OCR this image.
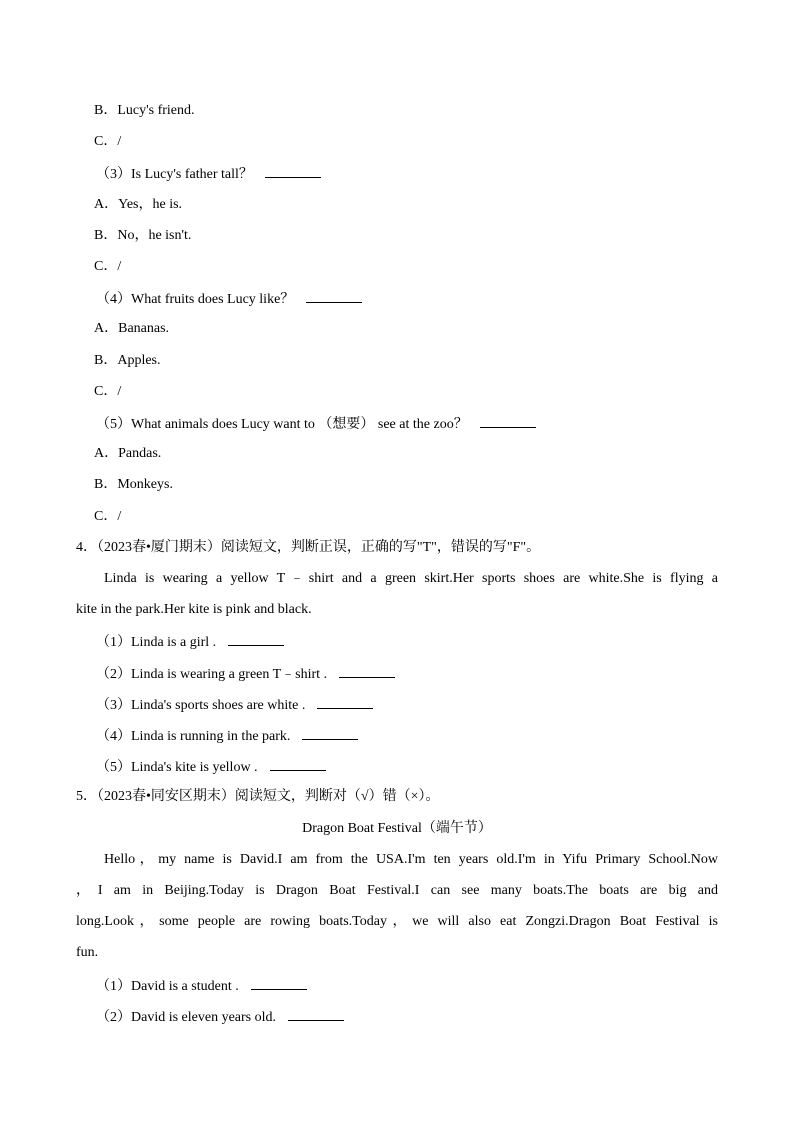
B．Lucy's friend.
C．/
（3）Is Lucy's father tall？
A．Yes，he is.
B．No，he isn't.
C．/
（4）What fruits does Lucy like？
A．Bananas.
B．Apples.
C．/
（5）What animals does Lucy want to （想要） see at the zoo？
A．Pandas.
B．Monkeys.
C．/
4．（2023春•厦门期末）阅读短文，判断正误，正确的写"T"，错误的写"F"。
Linda is wearing a yellow T﹣shirt and a green skirt.Her sports shoes are white.She is flying a
kite in the park.Her kite is pink and black.
（1）Linda is a girl .
（2）Linda is wearing a green T﹣shirt .
（3）Linda's sports shoes are white .
（4）Linda is running in the park.
（5）Linda's kite is yellow .
5．（2023春•同安区期末）阅读短文，判断对（√）错（×）。
Dragon Boat Festival（端午节）
Hello，my name is David.I am from the USA.I'm ten years old.I'm in Yifu Primary School.Now
，I am in Beijing.Today is Dragon Boat Festival.I can see many boats.The boats are big and
long.Look，some people are rowing boats.Today，we will also eat Zongzi.Dragon Boat Festival is
fun.
（1）David is a student .
（2）David is eleven years old.
